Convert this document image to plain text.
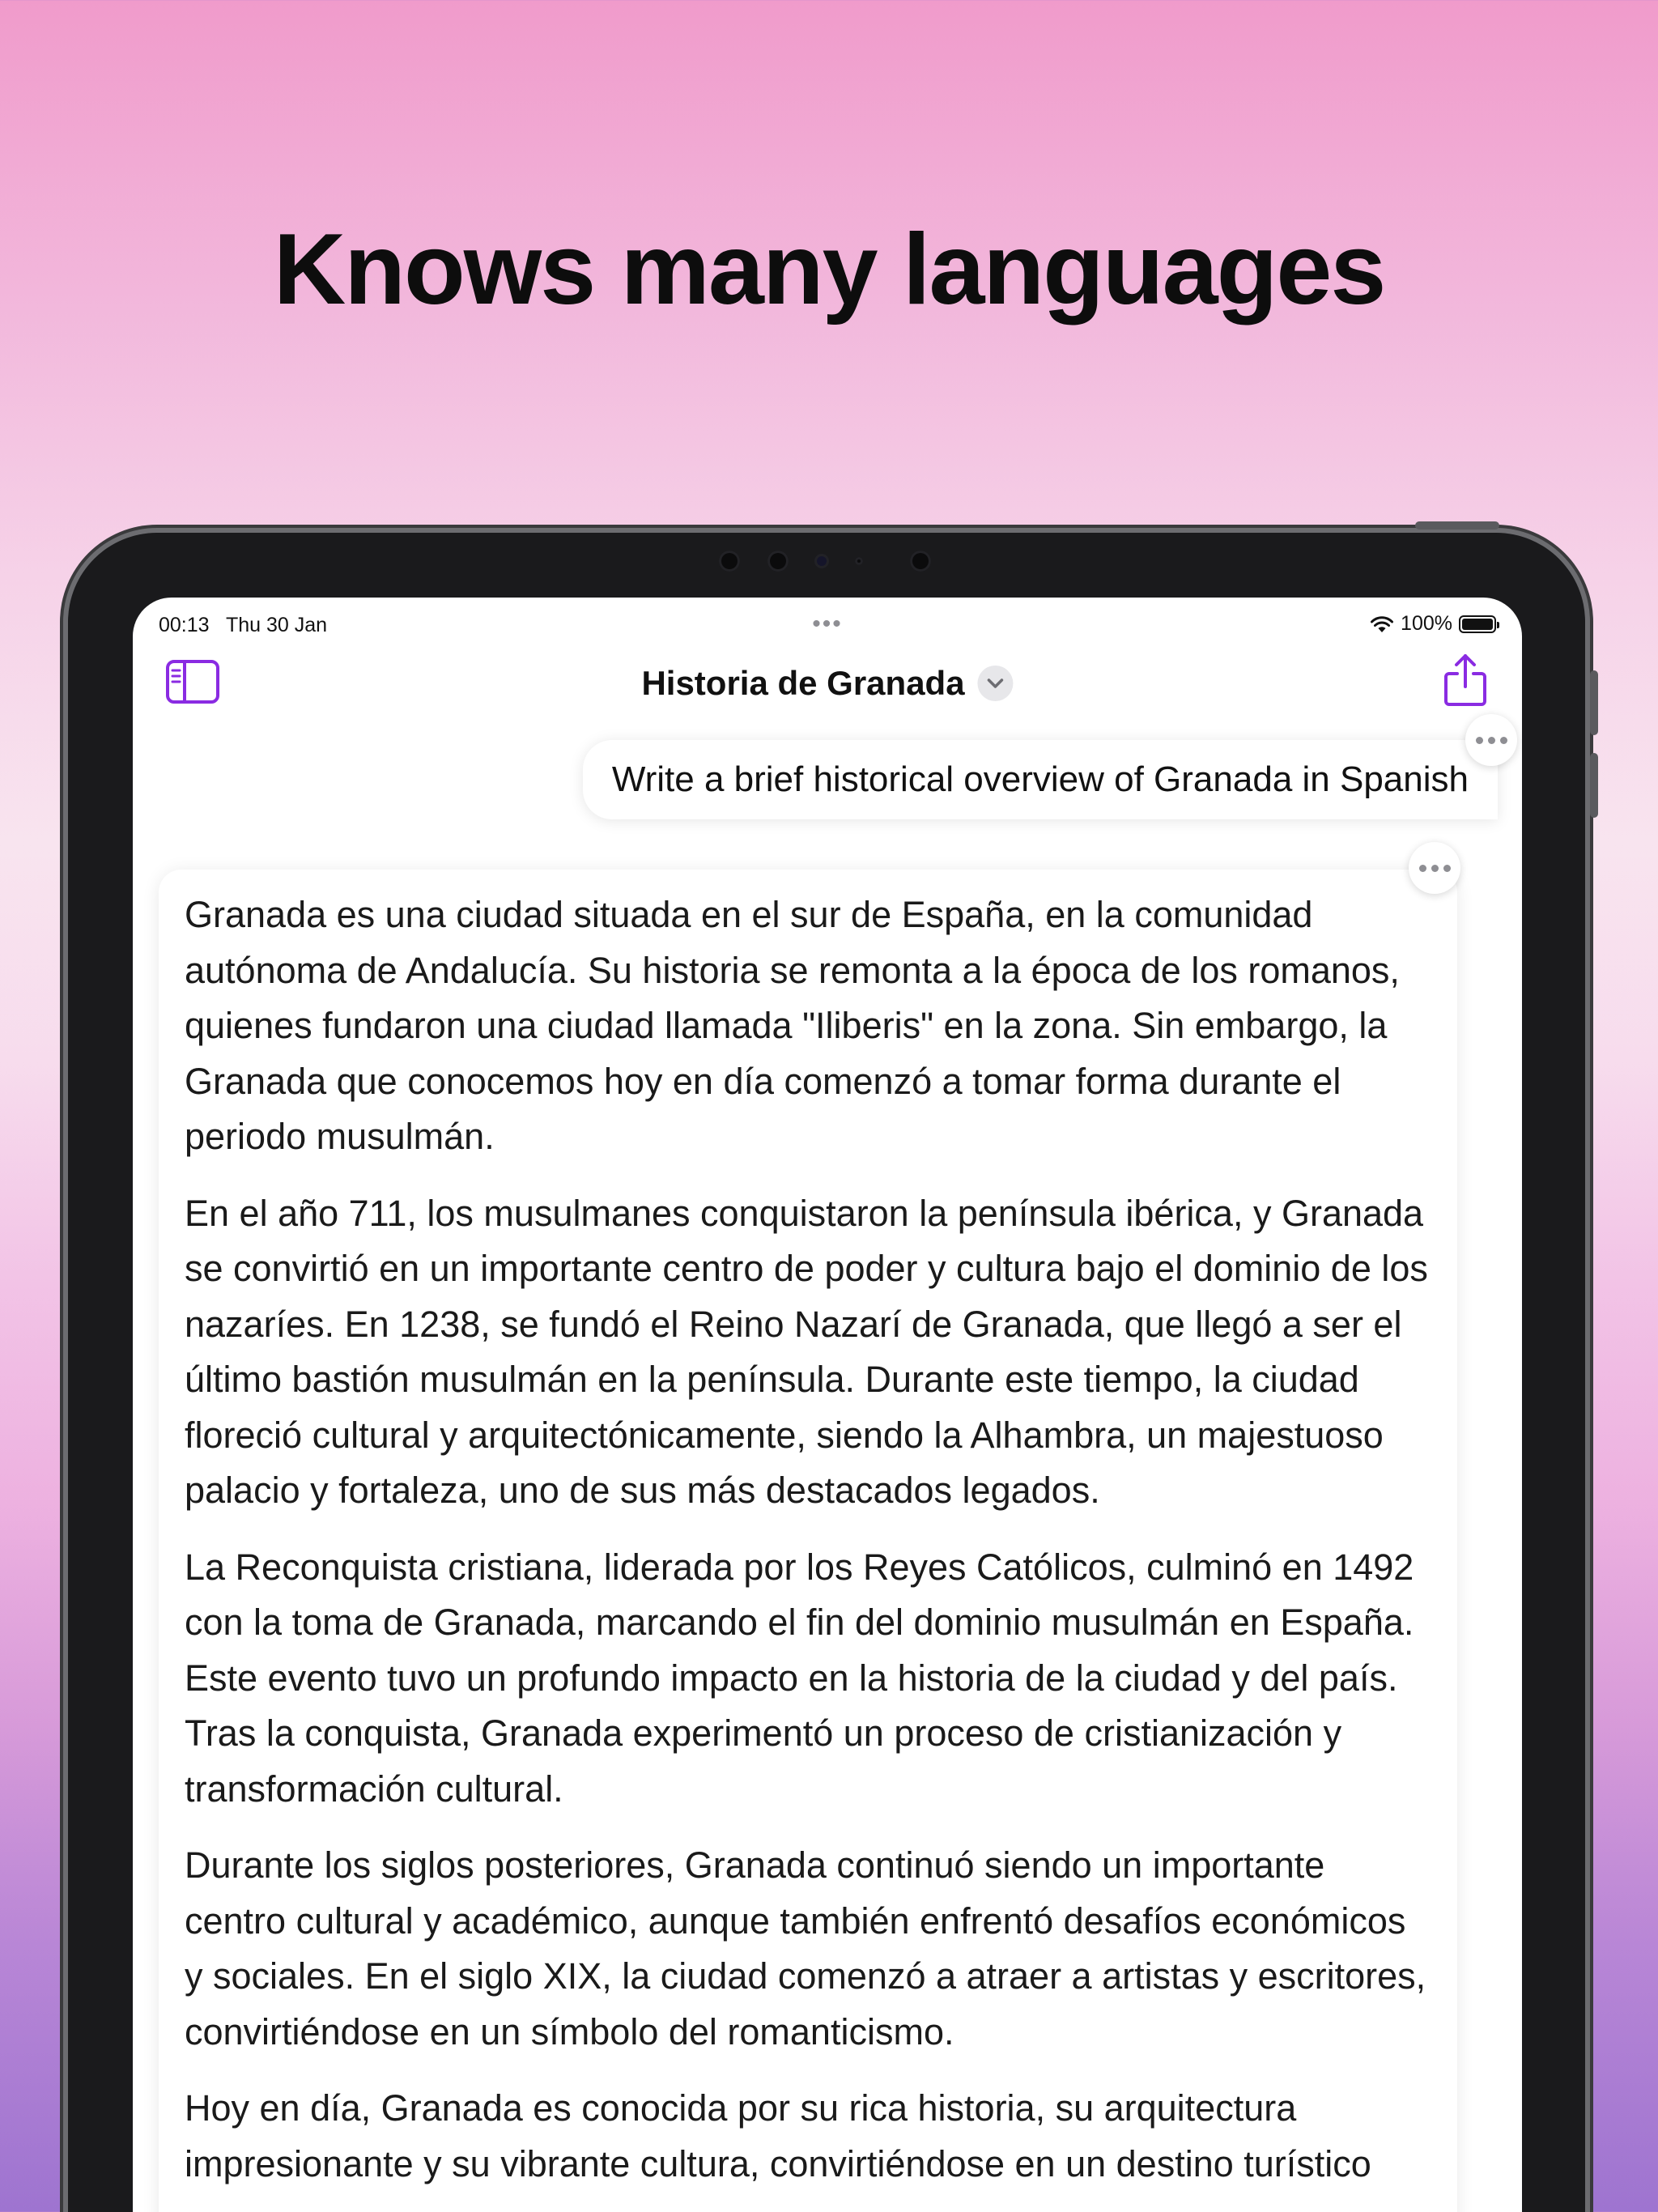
Knows many languages
00:13 Thu 30 Jan	•••	100%
Historia de Granada
Write a brief historical overview of Granada in Spanish

Granada es una ciudad situada en el sur de España, en la comunidad autónoma de Andalucía. Su historia se remonta a la época de los romanos, quienes fundaron una ciudad llamada "Iliberis" en la zona. Sin embargo, la Granada que conocemos hoy en día comenzó a tomar forma durante el periodo musulmán.

En el año 711, los musulmanes conquistaron la península ibérica, y Granada se convirtió en un importante centro de poder y cultura bajo el dominio de los nazaríes. En 1238, se fundó el Reino Nazarí de Granada, que llegó a ser el último bastión musulmán en la península. Durante este tiempo, la ciudad floreció cultural y arquitectónicamente, siendo la Alhambra, un majestuoso palacio y fortaleza, uno de sus más destacados legados.

La Reconquista cristiana, liderada por los Reyes Católicos, culminó en 1492 con la toma de Granada, marcando el fin del dominio musulmán en España. Este evento tuvo un profundo impacto en la historia de la ciudad y del país. Tras la conquista, Granada experimentó un proceso de cristianización y transformación cultural.

Durante los siglos posteriores, Granada continuó siendo un importante centro cultural y académico, aunque también enfrentó desafíos económicos y sociales. En el siglo XIX, la ciudad comenzó a atraer a artistas y escritores, convirtiéndose en un símbolo del romanticismo.

Hoy en día, Granada es conocida por su rica historia, su arquitectura impresionante y su vibrante cultura, convirtiéndose en un destino turístico
